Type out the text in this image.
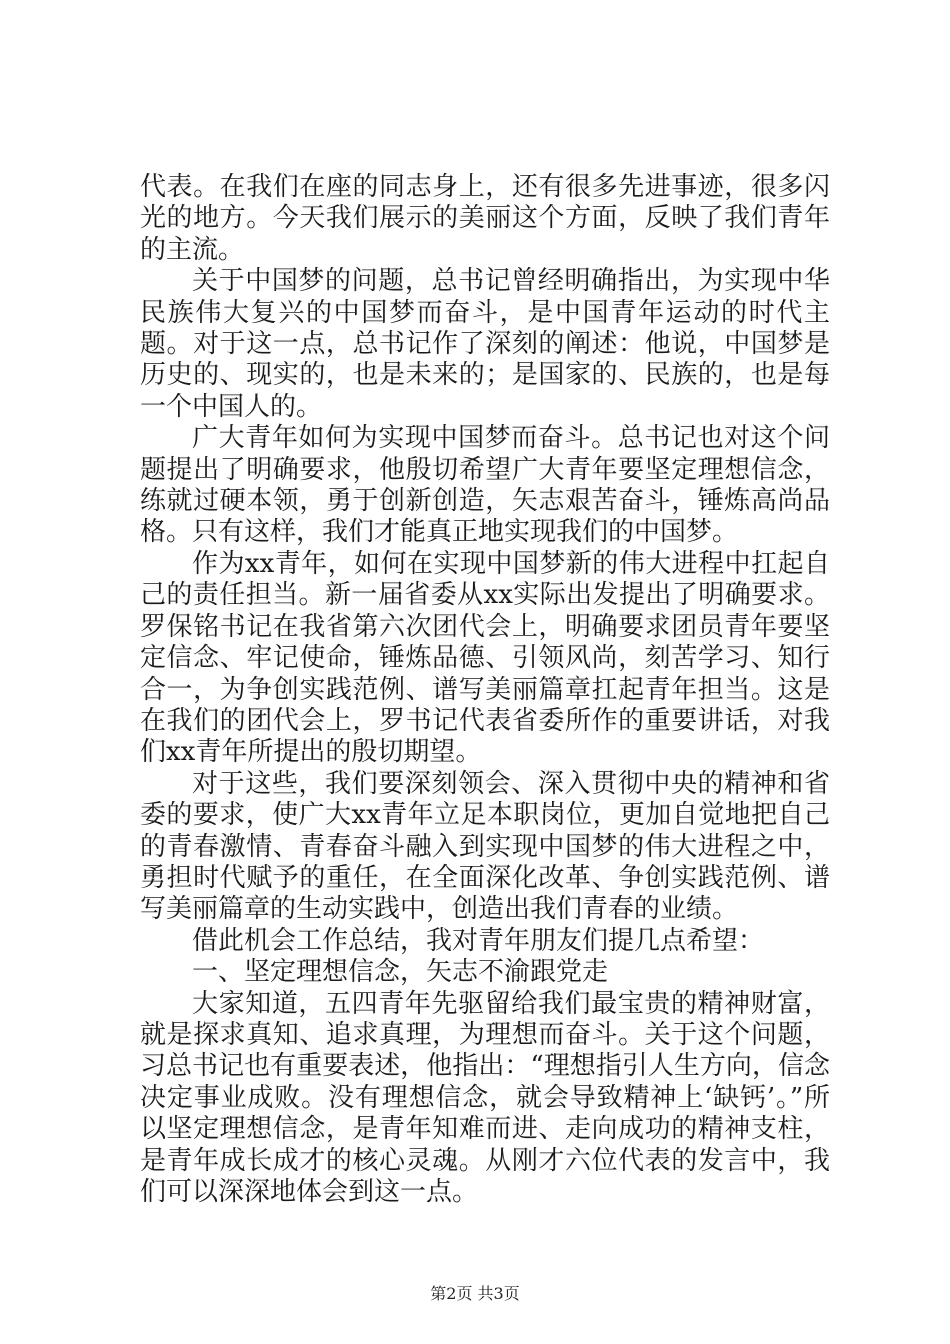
代表。在我们在座的同志身上，还有很多先进事迹，很多闪光的地方。今天我们展示的美丽这个方面，反映了我们青年的主流。

关于中国梦的问题，总书记曾经明确指出，为实现中华民族伟大复兴的中国梦而奋斗，是中国青年运动的时代主题。对于这一点，总书记作了深刻的阐述：他说，中国梦是历史的、现实的，也是未来的；是国家的、民族的，也是每一个中国人的。

广大青年如何为实现中国梦而奋斗。总书记也对这个问题提出了明确要求，他殷切希望广大青年要坚定理想信念，练就过硬本领，勇于创新创造，矢志艰苦奋斗，锤炼高尚品格。只有这样，我们才能真正地实现我们的中国梦。

作为xx青年，如何在实现中国梦新的伟大进程中扛起自己的责任担当。新一届省委从xx实际出发提出了明确要求。罗保铭书记在我省第六次团代会上，明确要求团员青年要坚定信念、牢记使命，锤炼品德、引领风尚，刻苦学习、知行合一，为争创实践范例、谱写美丽篇章扛起青年担当。这是在我们的团代会上，罗书记代表省委所作的重要讲话，对我们xx青年所提出的殷切期望。

对于这些，我们要深刻领会、深入贯彻中央的精神和省委的要求，使广大xx青年立足本职岗位，更加自觉地把自己的青春激情、青春奋斗融入到实现中国梦的伟大进程之中，勇担时代赋予的重任，在全面深化改革、争创实践范例、谱写美丽篇章的生动实践中，创造出我们青春的业绩。

借此机会工作总结，我对青年朋友们提几点希望：

一、坚定理想信念，矢志不渝跟党走

大家知道，五四青年先驱留给我们最宝贵的精神财富，就是探求真知、追求真理，为理想而奋斗。关于这个问题，习总书记也有重要表述，他指出：“理想指引人生方向，信念决定事业成败。没有理想信念，就会导致精神上‘缺钙’。”所以坚定理想信念，是青年知难而进、走向成功的精神支柱，是青年成长成才的核心灵魂。从刚才六位代表的发言中，我们可以深深地体会到这一点。

第2页 共3页
